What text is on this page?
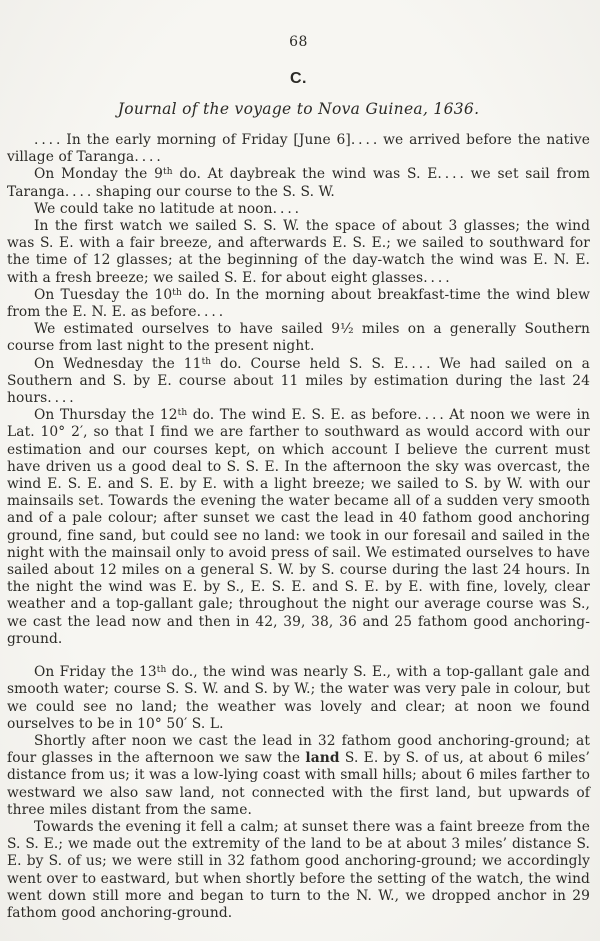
68
C.
Journal of the voyage to Nova Guinea, 1636.

. . . . In the early morning of Friday [June 6]. . . . we arrived before the native village of Taranga. . . .

On Monday the 9th do. At daybreak the wind was S. E. . . . we set sail from Taranga. . . . shaping our course to the S. S. W.

We could take no latitude at noon. . . .

In the first watch we sailed S. S. W. the space of about 3 glasses; the wind was S. E. with a fair breeze, and afterwards E. S. E.; we sailed to southward for the time of 12 glasses; at the beginning of the day-watch the wind was E. N. E. with a fresh breeze; we sailed S. E. for about eight glasses. . . .

On Tuesday the 10th do. In the morning about breakfast-time the wind blew from the E. N. E. as before. . . .

We estimated ourselves to have sailed 9¹⁄₂ miles on a generally Southern course from last night to the present night.

On Wednesday the 11th do. Course held S. S. E. . . . We had sailed on a Southern and S. by E. course about 11 miles by estimation during the last 24 hours. . . .

On Thursday the 12th do. The wind E. S. E. as before. . . . At noon we were in Lat. 10° 2′, so that I find we are farther to southward as would accord with our estimation and our courses kept, on which account I believe the current must have driven us a good deal to S. S. E. In the afternoon the sky was overcast, the wind E. S. E. and S. E. by E. with a light breeze; we sailed to S. by W. with our mainsails set. Towards the evening the water became all of a sudden very smooth and of a pale colour; after sunset we cast the lead in 40 fathom good anchoring ground, fine sand, but could see no land: we took in our foresail and sailed in the night with the mainsail only to avoid press of sail. We estimated ourselves to have sailed about 12 miles on a general S. W. by S. course during the last 24 hours. In the night the wind was E. by S., E. S. E. and S. E. by E. with fine, lovely, clear weather and a top-gallant gale; throughout the night our average course was S., we cast the lead now and then in 42, 39, 38, 36 and 25 fathom good anchoring-ground.

On Friday the 13th do., the wind was nearly S. E., with a top-gallant gale and smooth water; course S. S. W. and S. by W.; the water was very pale in colour, but we could see no land; the weather was lovely and clear; at noon we found ourselves to be in 10° 50′ S. L.

Shortly after noon we cast the lead in 32 fathom good anchoring-ground; at four glasses in the afternoon we saw the land S. E. by S. of us, at about 6 miles’ distance from us; it was a low-lying coast with small hills; about 6 miles farther to westward we also saw land, not connected with the first land, but upwards of three miles distant from the same.

Towards the evening it fell a calm; at sunset there was a faint breeze from the S. S. E.; we made out the extremity of the land to be at about 3 miles’ distance S. E. by S. of us; we were still in 32 fathom good anchoring-ground; we accordingly went over to eastward, but when shortly before the setting of the watch, the wind went down still more and began to turn to the N. W., we dropped anchor in 29 fathom good anchoring-ground.
